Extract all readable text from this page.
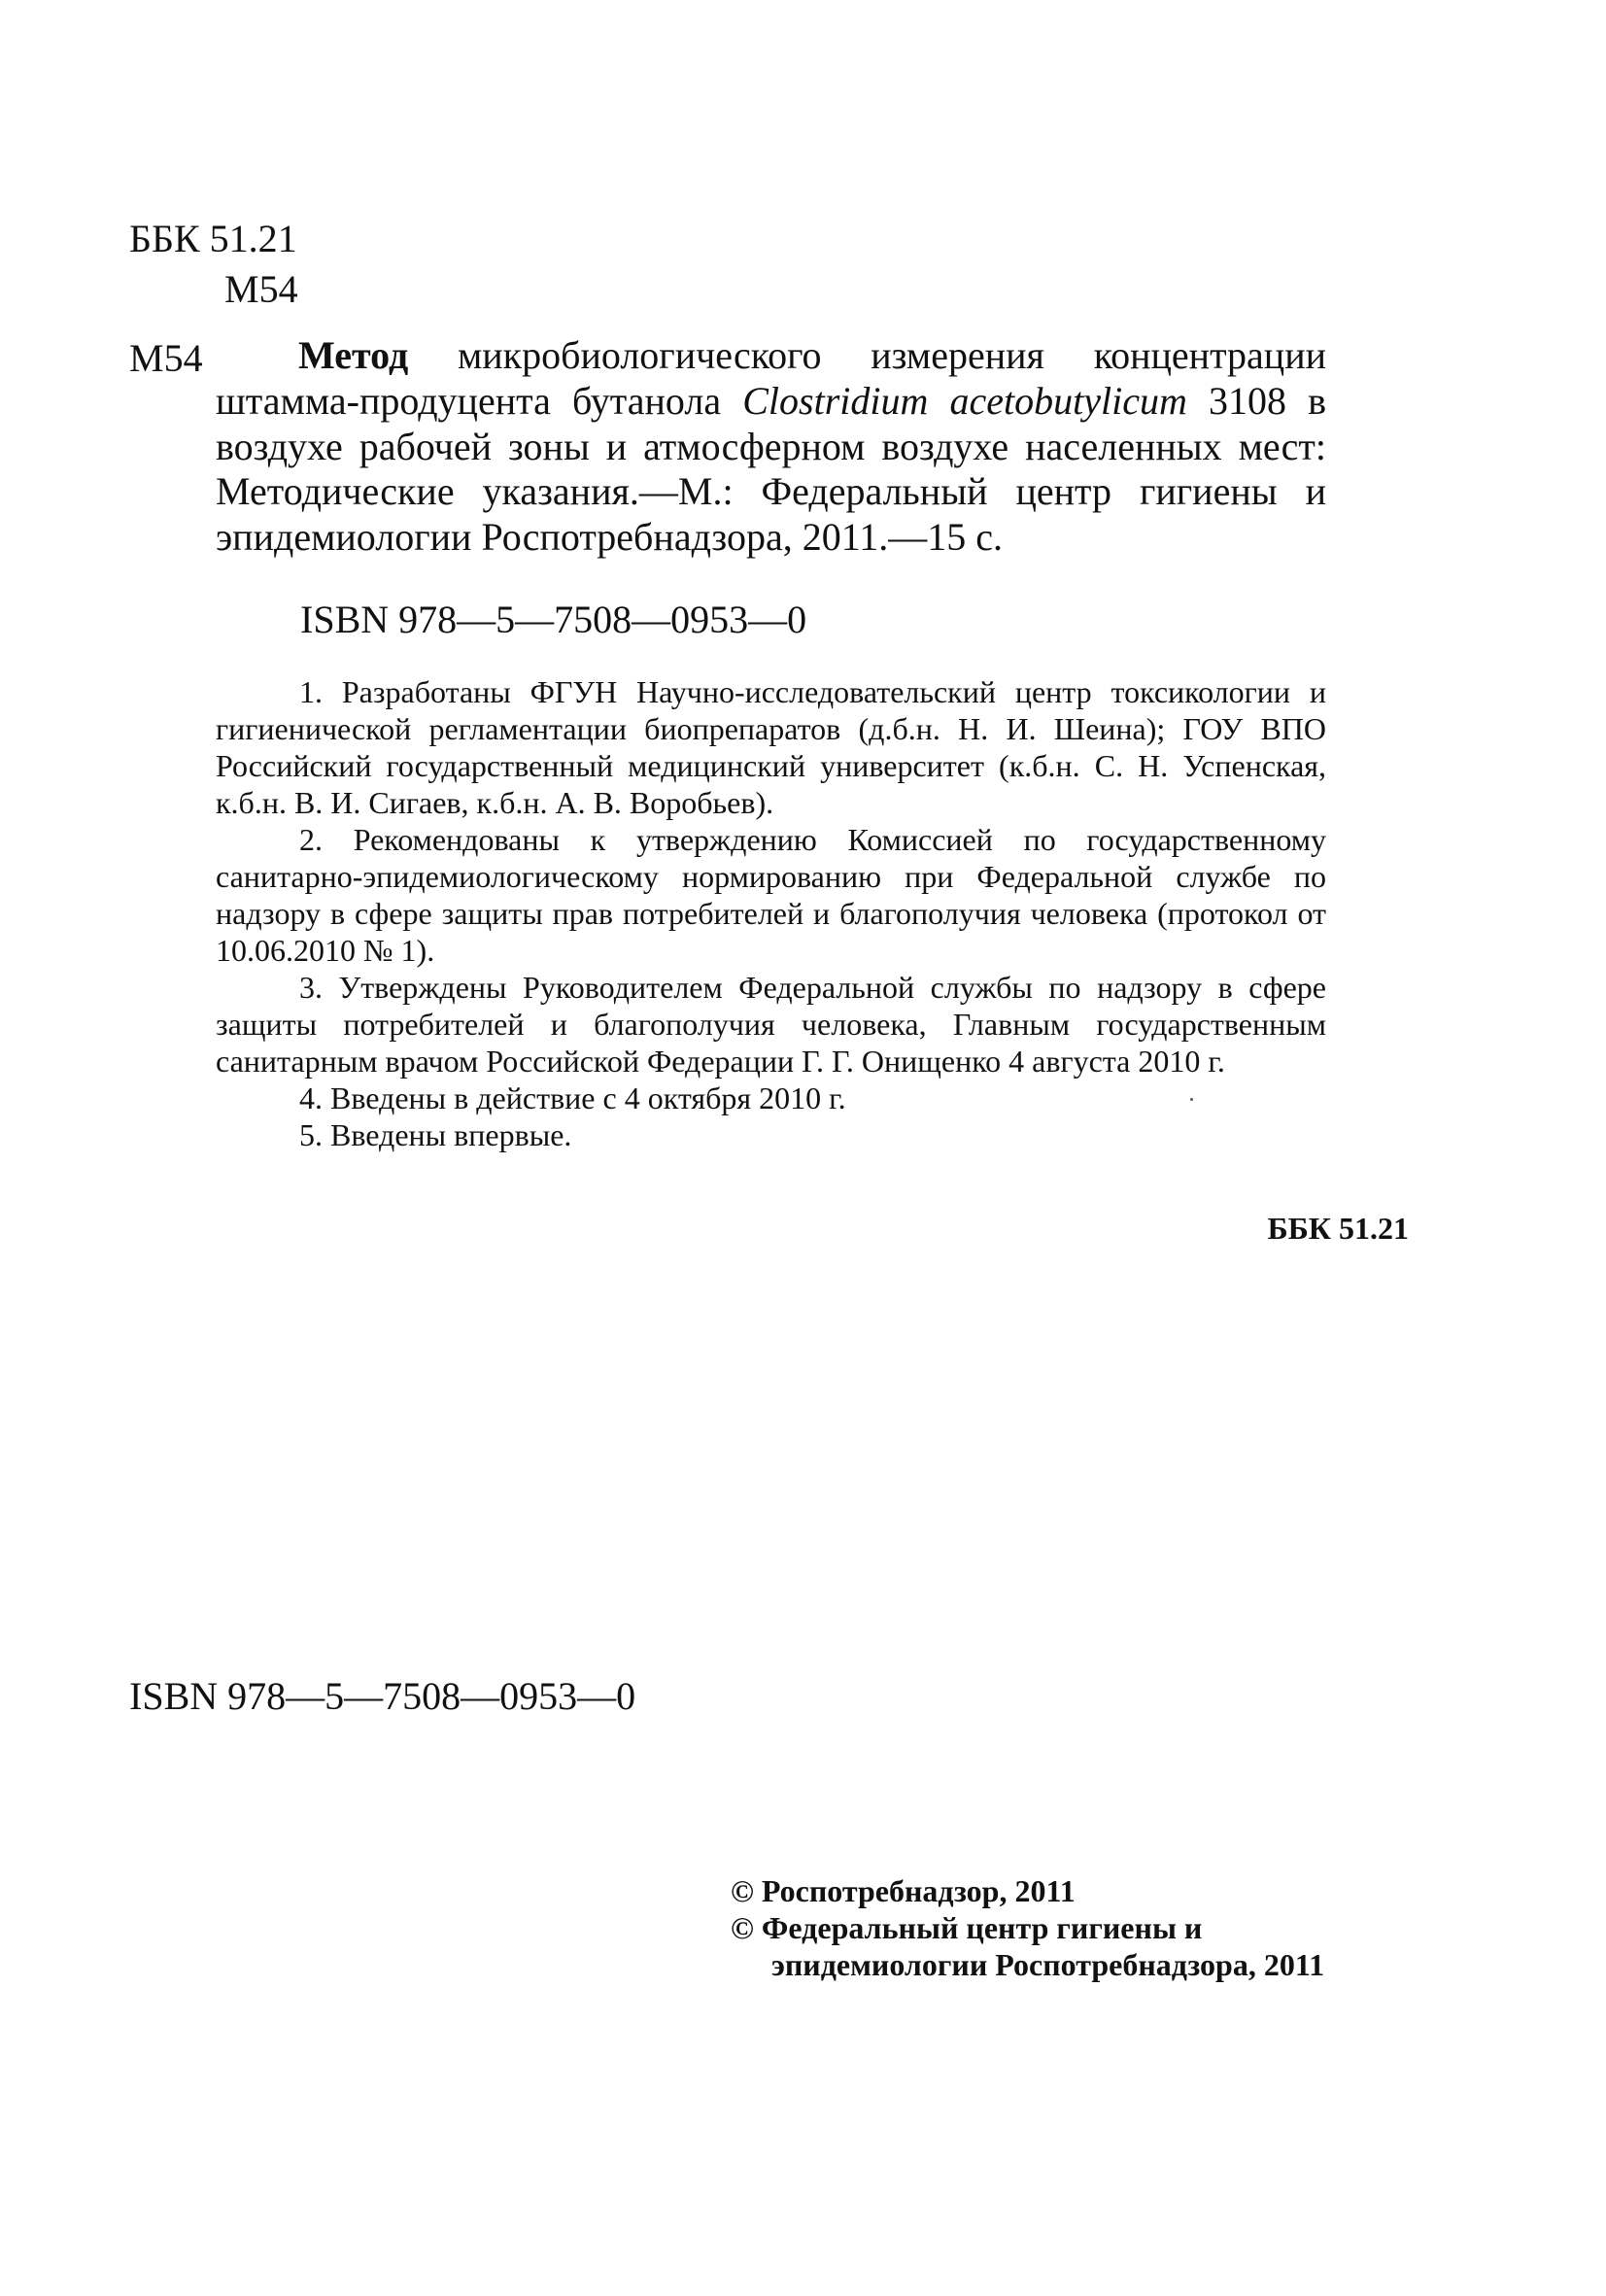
ББК 51.21
М54
М54	Метод микробиологического измерения концентрации штамма-продуцента бутанола Clostridium acetobutylicum 3108 в воздухе рабочей зоны и атмосферном воздухе населенных мест: Методические указания.—М.: Федеральный центр гигиены и эпидемиологии Роспотребнадзора, 2011.—15 с.
ISBN 978—5—7508—0953—0

1. Разработаны ФГУН Научно-исследовательский центр токсикологии и гигиенической регламентации биопрепаратов (д.б.н. Н. И. Шеина); ГОУ ВПО Российский государственный медицинский университет (к.б.н. С. Н. Успенская, к.б.н. В. И. Сигаев, к.б.н. А. В. Воробьев).

2. Рекомендованы к утверждению Комиссией по государственному санитарно-эпидемиологическому нормированию при Федеральной службе по надзору в сфере защиты прав потребителей и благополучия человека (протокол от 10.06.2010 № 1).

3. Утверждены Руководителем Федеральной службы по надзору в сфере защиты потребителей и благополучия человека, Главным государственным санитарным врачом Российской Федерации Г. Г. Онищенко 4 августа 2010 г.

4. Введены в действие с 4 октября 2010 г.

5. Введены впервые.

ББК 51.21
ISBN 978—5—7508—0953—0
© Роспотребнадзор, 2011
© Федеральный центр гигиены и
эпидемиологии Роспотребнадзора, 2011
